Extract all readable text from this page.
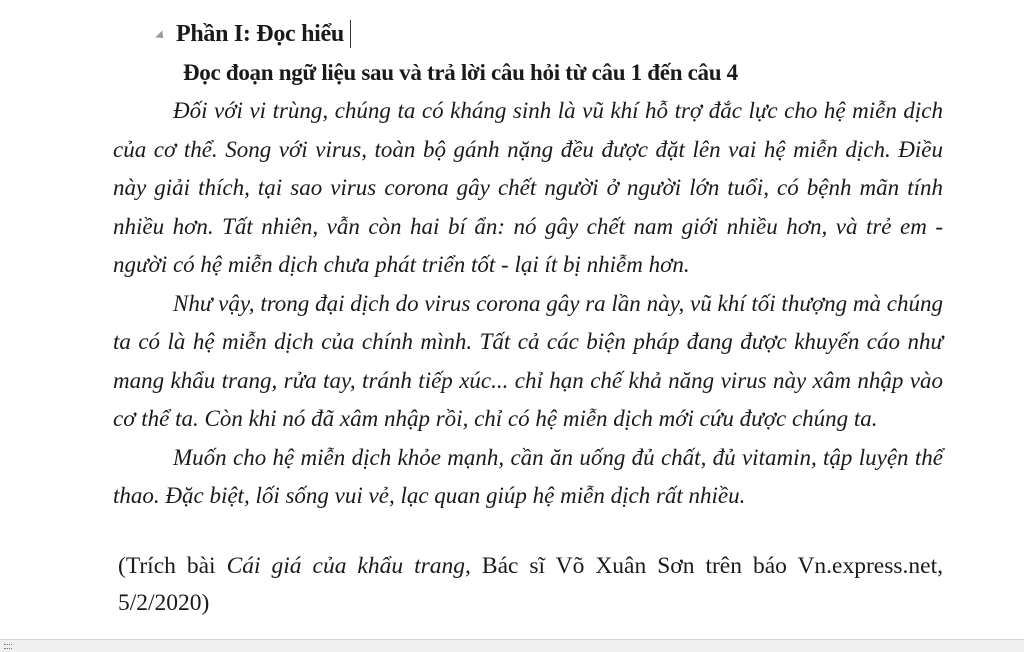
Phần I: Đọc hiểu
Đọc đoạn ngữ liệu sau và trả lời câu hỏi từ câu 1 đến câu 4

Đối với vi trùng, chúng ta có kháng sinh là vũ khí hỗ trợ đắc lực cho hệ miễn dịch của cơ thể. Song với virus, toàn bộ gánh nặng đều được đặt lên vai hệ miễn dịch. Điều này giải thích, tại sao virus corona gây chết người ở người lớn tuổi, có bệnh mãn tính nhiều hơn. Tất nhiên, vẫn còn hai bí ẩn: nó gây chết nam giới nhiều hơn, và trẻ em - người có hệ miễn dịch chưa phát triển tốt - lại ít bị nhiễm hơn.

Như vậy, trong đại dịch do virus corona gây ra lần này, vũ khí tối thượng mà chúng ta có là hệ miễn dịch của chính mình. Tất cả các biện pháp đang được khuyến cáo như mang khẩu trang, rửa tay, tránh tiếp xúc... chỉ hạn chế khả năng virus này xâm nhập vào cơ thể ta. Còn khi nó đã xâm nhập rồi, chỉ có hệ miễn dịch mới cứu được chúng ta.

Muốn cho hệ miễn dịch khỏe mạnh, cần ăn uống đủ chất, đủ vitamin, tập luyện thể thao. Đặc biệt, lối sống vui vẻ, lạc quan giúp hệ miễn dịch rất nhiều.

(Trích bài Cái giá của khẩu trang, Bác sĩ Võ Xuân Sơn trên báo Vn.express.net, 5/2/2020)
